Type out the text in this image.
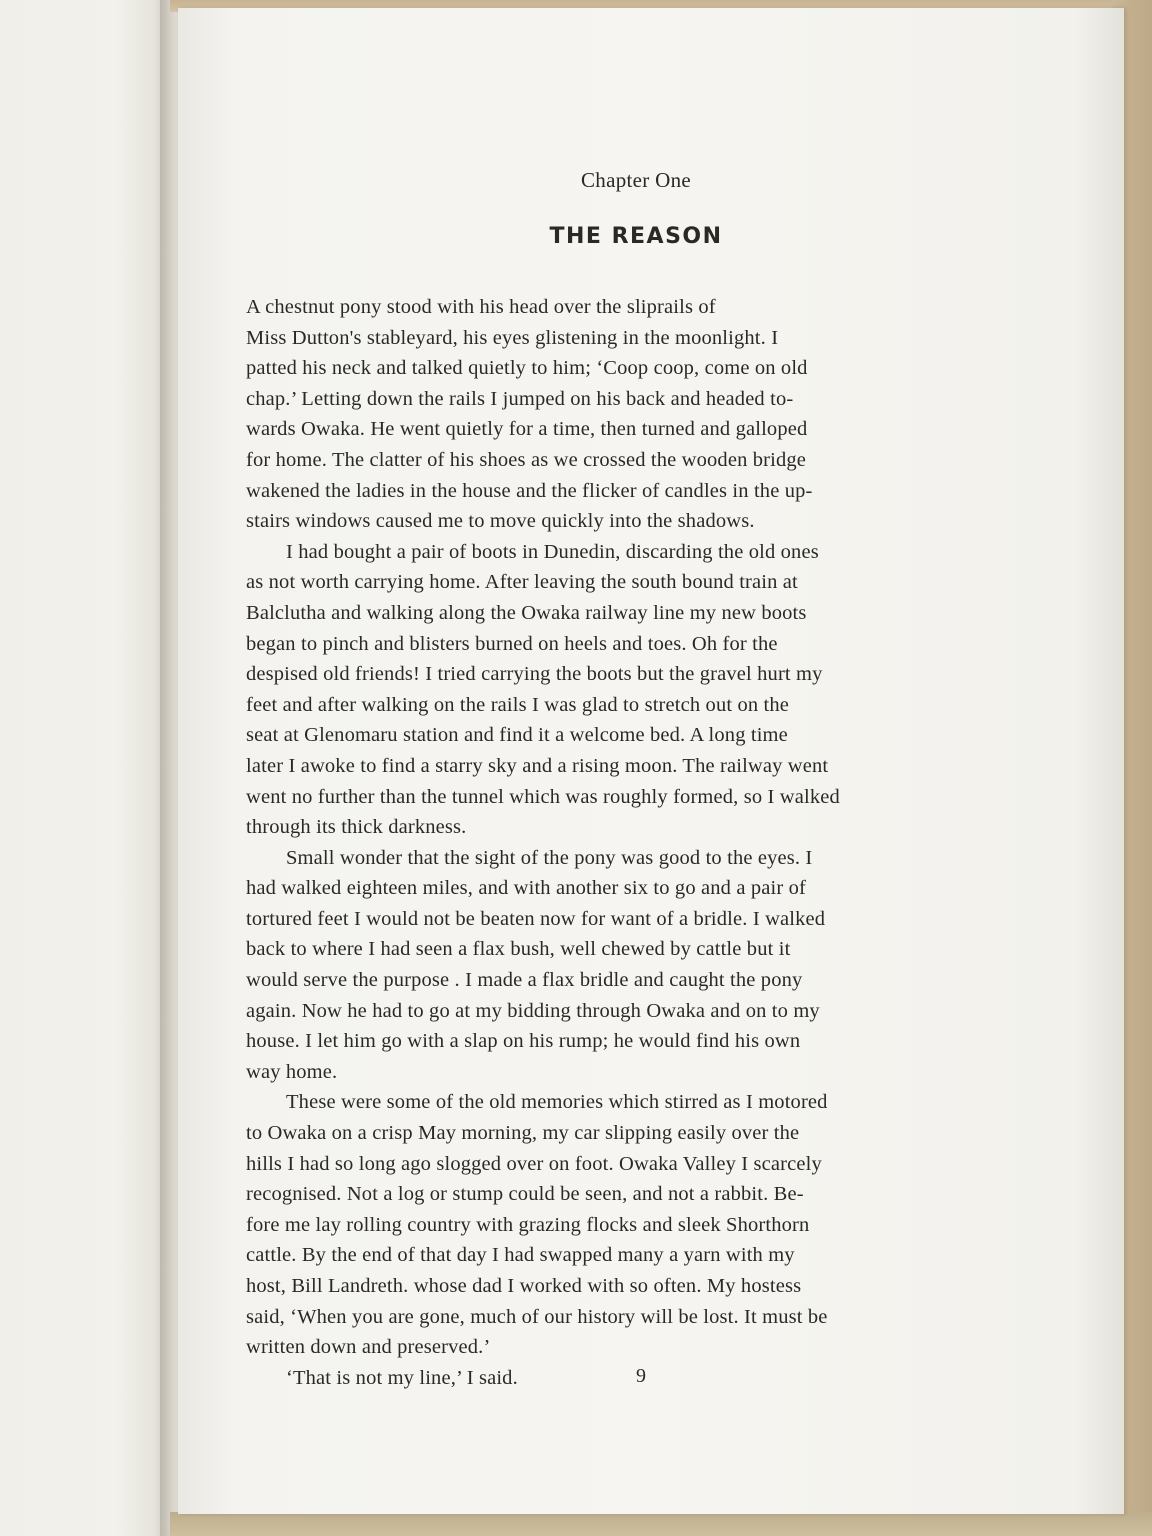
Chapter One
THE REASON
A chestnut pony stood with his head over the sliprails of
Miss Dutton's stableyard, his eyes glistening in the moonlight. I
patted his neck and talked quietly to him; ‘Coop coop, come on old
chap.’ Letting down the rails I jumped on his back and headed to-
wards Owaka. He went quietly for a time, then turned and galloped
for home. The clatter of his shoes as we crossed the wooden bridge
wakened the ladies in the house and the flicker of candles in the up-
stairs windows caused me to move quickly into the shadows.
I had bought a pair of boots in Dunedin, discarding the old ones
as not worth carrying home. After leaving the south bound train at
Balclutha and walking along the Owaka railway line my new boots
began to pinch and blisters burned on heels and toes. Oh for the
despised old friends! I tried carrying the boots but the gravel hurt my
feet and after walking on the rails I was glad to stretch out on the
seat at Glenomaru station and find it a welcome bed. A long time
later I awoke to find a starry sky and a rising moon. The railway went
went no further than the tunnel which was roughly formed, so I walked
through its thick darkness.
Small wonder that the sight of the pony was good to the eyes. I
had walked eighteen miles, and with another six to go and a pair of
tortured feet I would not be beaten now for want of a bridle. I walked
back to where I had seen a flax bush, well chewed by cattle but it
would serve the purpose . I made a flax bridle and caught the pony
again. Now he had to go at my bidding through Owaka and on to my
house. I let him go with a slap on his rump; he would find his own
way home.
These were some of the old memories which stirred as I motored
to Owaka on a crisp May morning, my car slipping easily over the
hills I had so long ago slogged over on foot. Owaka Valley I scarcely
recognised. Not a log or stump could be seen, and not a rabbit. Be-
fore me lay rolling country with grazing flocks and sleek Shorthorn
cattle. By the end of that day I had swapped many a yarn with my
host, Bill Landreth. whose dad I worked with so often. My hostess
said, ‘When you are gone, much of our history will be lost. It must be
written down and preserved.’
‘That is not my line,’ I said.	9
